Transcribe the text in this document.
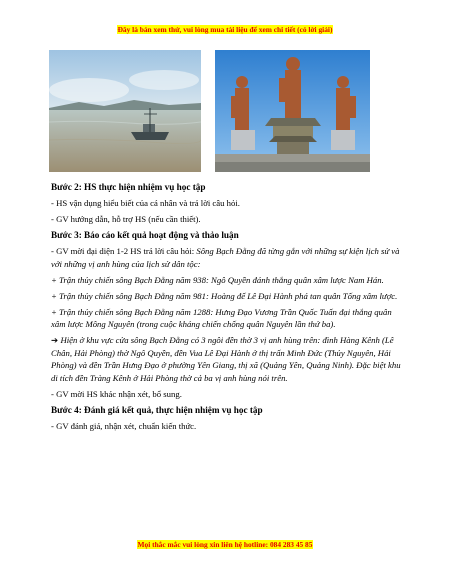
Đây là bản xem thử, vui lòng mua tài liệu để xem chi tiết (có lời giải)

Bước 2: HS thực hiện nhiệm vụ học tập

- HS vận dụng hiểu biết của cá nhân và trả lời câu hỏi.

- GV hướng dẫn, hỗ trợ HS (nếu cần thiết).

Bước 3: Báo cáo kết quả hoạt động và thảo luận

- GV mời đại diện 1-2 HS trả lời câu hỏi: Sông Bạch Đằng đã từng gắn với những sự kiện lịch sử và với những vị anh hùng của lịch sử dân tộc:

+ Trận thủy chiến sông Bạch Đằng năm 938: Ngô Quyền đánh thắng quân xâm lược Nam Hán.

+ Trận thủy chiến sông Bạch Đằng năm 981: Hoàng đế Lê Đại Hành phá tan quân Tống xâm lược.

+ Trận thủy chiến sông Bạch Đằng năm 1288: Hưng Đạo Vương Trần Quốc Tuấn đại thắng quân xâm lược Mông Nguyên (trong cuộc kháng chiến chống quân Nguyên lần thứ ba).

➔ Hiện ở khu vực cửa sông Bạch Đằng có 3 ngôi đền thờ 3 vị anh hùng trên: đình Hàng Kênh (Lê Chân, Hải Phòng) thờ Ngô Quyền, đền Vua Lê Đại Hành ở thị trấn Minh Đức (Thủy Nguyên, Hải Phòng) và đền Trần Hưng Đạo ở phường Yên Giang, thị xã (Quảng Yên, Quảng Ninh). Đặc biệt khu di tích đền Tràng Kênh ở Hải Phòng thờ cả ba vị anh hùng nói trên.

- GV mời HS khác nhận xét, bổ sung.

Bước 4: Đánh giá kết quả, thực hiện nhiệm vụ học tập

- GV đánh giá, nhận xét, chuẩn kiến thức.

Mọi thắc mắc vui lòng xin liên hệ hotline: 084 283 45 85
